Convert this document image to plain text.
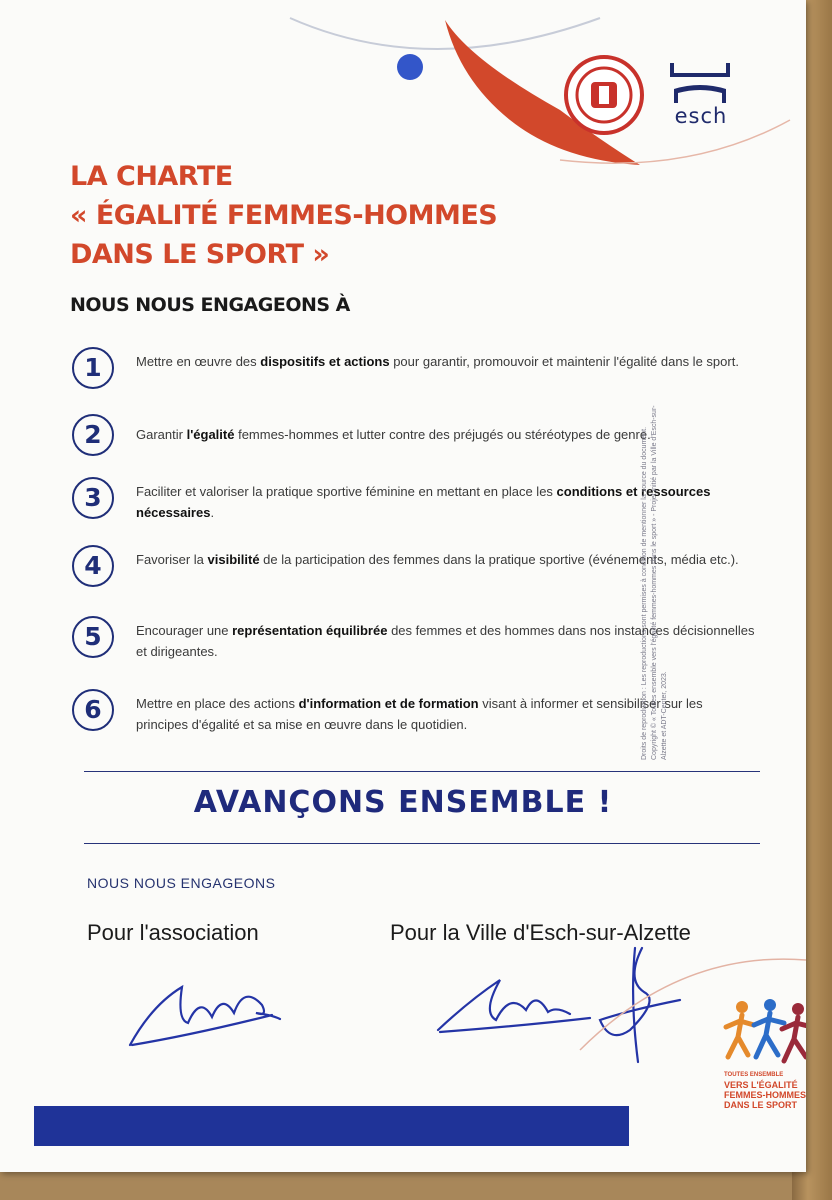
esch
LA CHARTE
« ÉGALITÉ FEMMES-HOMMES
DANS LE SPORT »
NOUS NOUS ENGAGEONS À
1	Mettre en œuvre des dispositifs et actions pour garantir, promouvoir et maintenir l'égalité dans le sport.
2	Garantir l'égalité femmes-hommes et lutter contre des préjugés ou stéréotypes de genre.
3	Faciliter et valoriser la pratique sportive féminine en mettant en place les conditions et ressources nécessaires.
4	Favoriser la visibilité de la participation des femmes dans la pratique sportive (événements, média etc.).
5	Encourager une représentation équilibrée des femmes et des hommes dans nos instances décisionnelles et dirigeantes.
6	Mettre en place des actions d'information et de formation visant à informer et sensibiliser sur les principes d'égalité et sa mise en œuvre dans le quotidien.
AVANÇONS ENSEMBLE !
NOUS NOUS ENGAGEONS
Pour l'association	Pour la Ville d'Esch-sur-Alzette
Droits de reproduction : Les reproductions sont permises à condition de mentionner la source du document. Copyright © « Toutes ensemble vers l'égalité femmes-hommes dans le sport » - Projet initié par la Ville d'Esch-sur-Alzette et ADT-Center, 2023.
TOUTES ENSEMBLE
VERS L'ÉGALITÉ
FEMMES-HOMMES
DANS LE SPORT
